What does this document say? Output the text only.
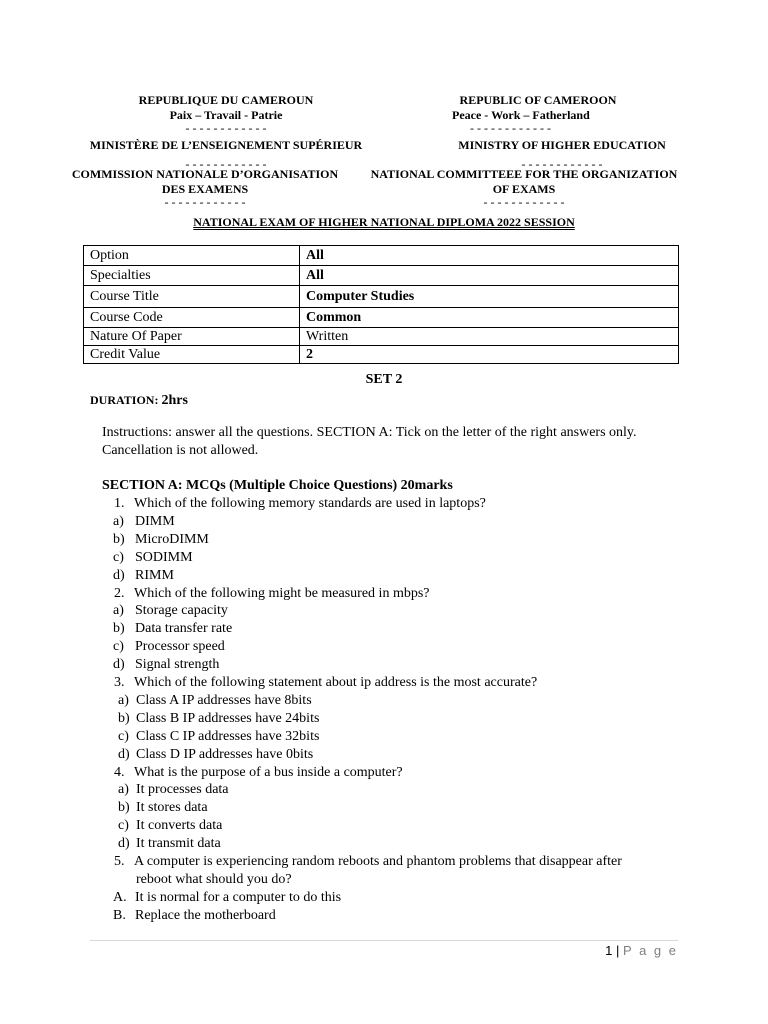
REPUBLIQUE DU CAMEROUN
Paix – Travail - Patrie
- - - - - - - - - - - -
MINISTÈRE DE L’ENSEIGNEMENT SUPÉRIEUR
- - - - - - - - - - - -
COMMISSION NATIONALE D’ORGANISATION
DES EXAMENS
- - - - - - - - - - - -
REPUBLIC OF CAMEROON
Peace - Work – Fatherland
- - - - - - - - - - - -
MINISTRY OF HIGHER EDUCATION
- - - - - - - - - - - -
NATIONAL COMMITTEEE FOR THE ORGANIZATION
OF EXAMS
- - - - - - - - - - - -
NATIONAL EXAM OF HIGHER NATIONAL DIPLOMA 2022 SESSION
Option	All
Specialties	All
Course Title	Computer Studies
Course Code	Common
Nature Of Paper	Written
Credit Value	2
SET 2
DURATION: 2hrs
Instructions: answer all the questions. SECTION A: Tick on the letter of the right answers only. Cancellation is not allowed.
SECTION A: MCQs (Multiple Choice Questions) 20marks
1. Which of the following memory standards are used in laptops?
a) DIMM
b) MicroDIMM
c) SODIMM
d) RIMM
2. Which of the following might be measured in mbps?
a) Storage capacity
b) Data transfer rate
c) Processor speed
d) Signal strength
3. Which of the following statement about ip address is the most accurate?
a) Class A IP addresses have 8bits
b) Class B IP addresses have 24bits
c) Class C IP addresses have 32bits
d) Class D IP addresses have 0bits
4. What is the purpose of a bus inside a computer?
a) It processes data
b) It stores data
c) It converts data
d) It transmit data
5. A computer is experiencing random reboots and phantom problems that disappear after
reboot what should you do?
A. It is normal for a computer to do this
B. Replace the motherboard
1 | P a g e
